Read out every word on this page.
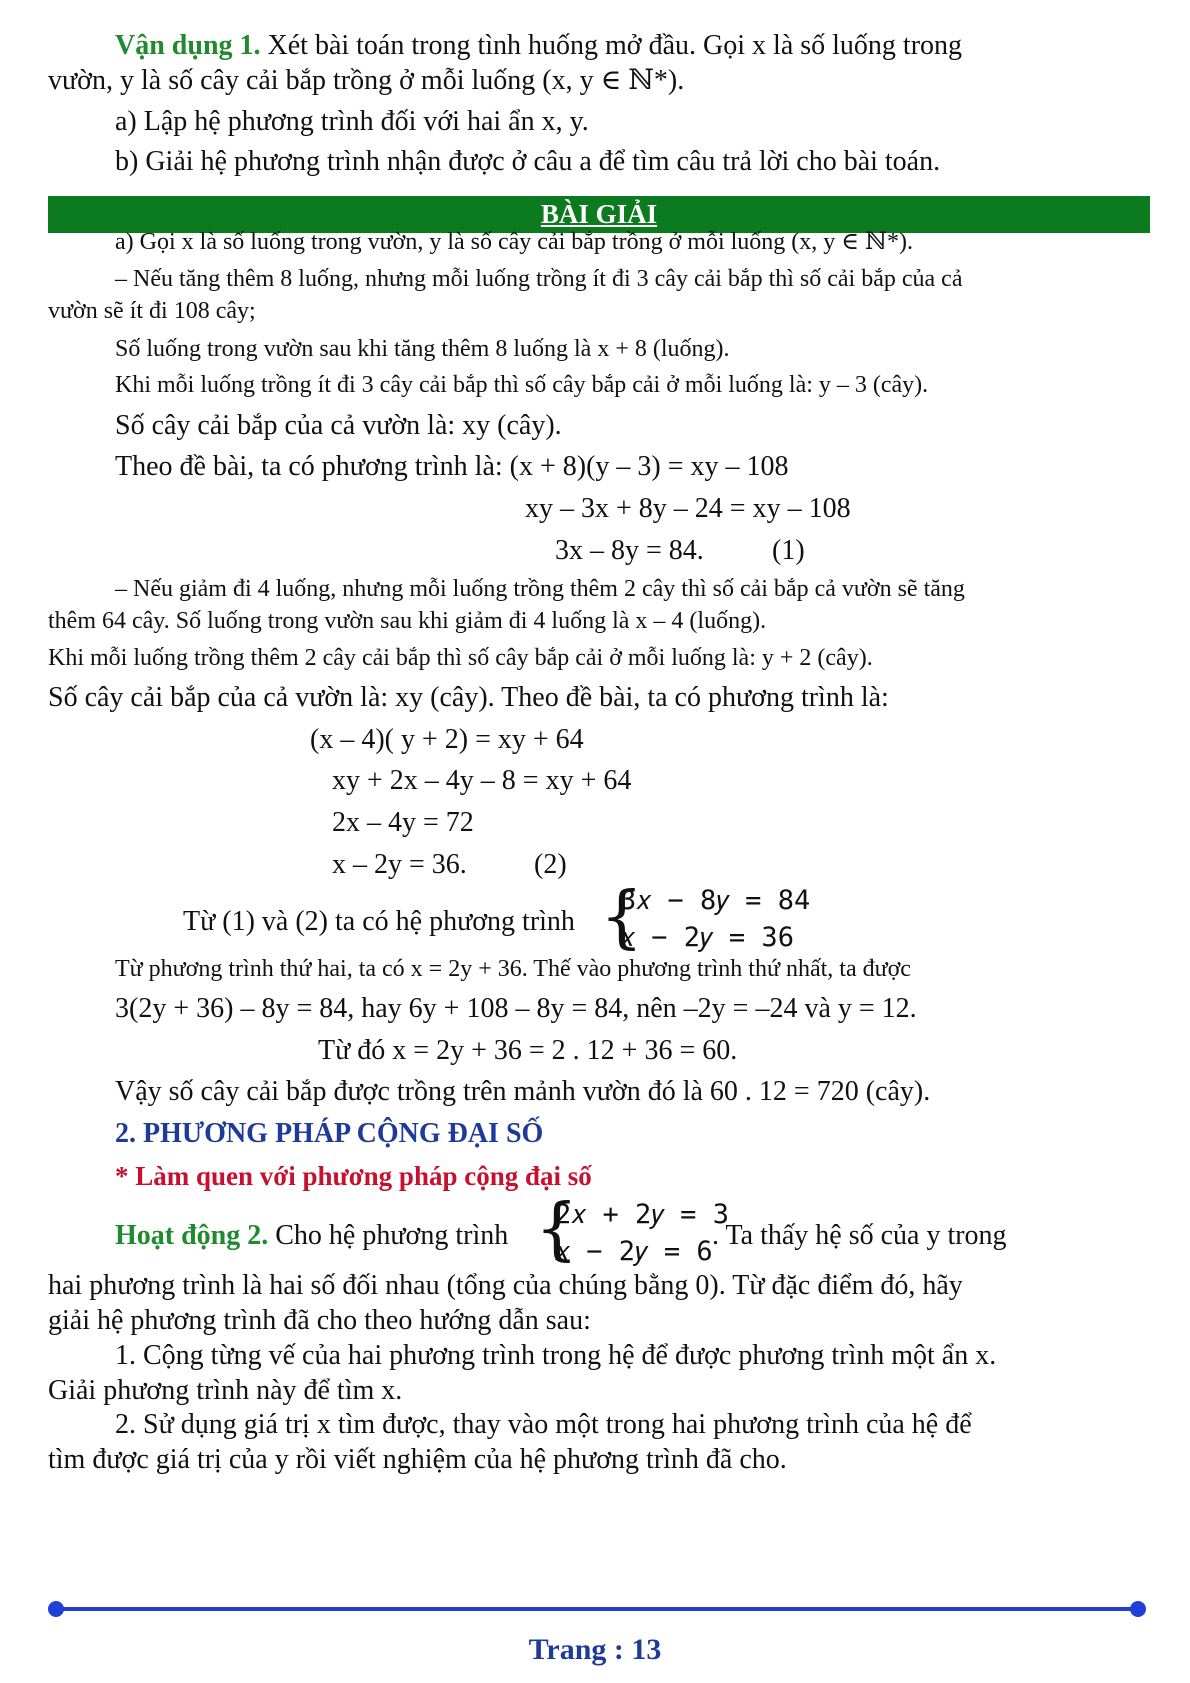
Vận dụng 1. Xét bài toán trong tình huống mở đầu. Gọi x là số luống trong
vườn, y là số cây cải bắp trồng ở mỗi luống (x, y ∈ ℕ*).
a) Lập hệ phương trình đối với hai ẩn x, y.
b) Giải hệ phương trình nhận được ở câu a để tìm câu trả lời cho bài toán.
BÀI GIẢI
a) Gọi x là số luống trong vườn, y là số cây cải bắp trồng ở mỗi luống (x, y ∈ ℕ*).
– Nếu tăng thêm 8 luống, nhưng mỗi luống trồng ít đi 3 cây cải bắp thì số cải bắp của cả
vườn sẽ ít đi 108 cây;
Số luống trong vườn sau khi tăng thêm 8 luống là x + 8 (luống).
Khi mỗi luống trồng ít đi 3 cây cải bắp thì số cây bắp cải ở mỗi luống là: y – 3 (cây).
Số cây cải bắp của cả vườn là: xy (cây).
Theo đề bài, ta có phương trình là: (x + 8)(y – 3) = xy – 108
xy – 3x + 8y – 24 = xy – 108
3x – 8y = 84. (1)
– Nếu giảm đi 4 luống, nhưng mỗi luống trồng thêm 2 cây thì số cải bắp cả vườn sẽ tăng
thêm 64 cây. Số luống trong vườn sau khi giảm đi 4 luống là x – 4 (luống).
Khi mỗi luống trồng thêm 2 cây cải bắp thì số cây bắp cải ở mỗi luống là: y + 2 (cây).
Số cây cải bắp của cả vườn là: xy (cây). Theo đề bài, ta có phương trình là:
(x – 4)( y + 2) = xy + 64
xy + 2x – 4y – 8 = xy + 64
2x – 4y = 72
x – 2y = 36. (2)
Từ (1) và (2) ta có hệ phương trình {
3𝑥 − 8𝑦 = 84
𝑥 − 2𝑦 = 36
Từ phương trình thứ hai, ta có x = 2y + 36. Thế vào phương trình thứ nhất, ta được
3(2y + 36) – 8y = 84, hay 6y + 108 – 8y = 84, nên –2y = –24 và y = 12.
Từ đó x = 2y + 36 = 2 . 12 + 36 = 60.
Vậy số cây cải bắp được trồng trên mảnh vườn đó là 60 . 12 = 720 (cây).
2. PHƯƠNG PHÁP CỘNG ĐẠI SỐ
* Làm quen với phương pháp cộng đại số
Hoạt động 2. Cho hệ phương trình {
2𝑥 + 2𝑦 = 3
𝑥 − 2𝑦 = 6
. Ta thấy hệ số của y trong
hai phương trình là hai số đối nhau (tổng của chúng bằng 0). Từ đặc điểm đó, hãy
giải hệ phương trình đã cho theo hướng dẫn sau:
1. Cộng từng vế của hai phương trình trong hệ để được phương trình một ẩn x.
Giải phương trình này để tìm x.
2. Sử dụng giá trị x tìm được, thay vào một trong hai phương trình của hệ để
tìm được giá trị của y rồi viết nghiệm của hệ phương trình đã cho.
Trang : 13
